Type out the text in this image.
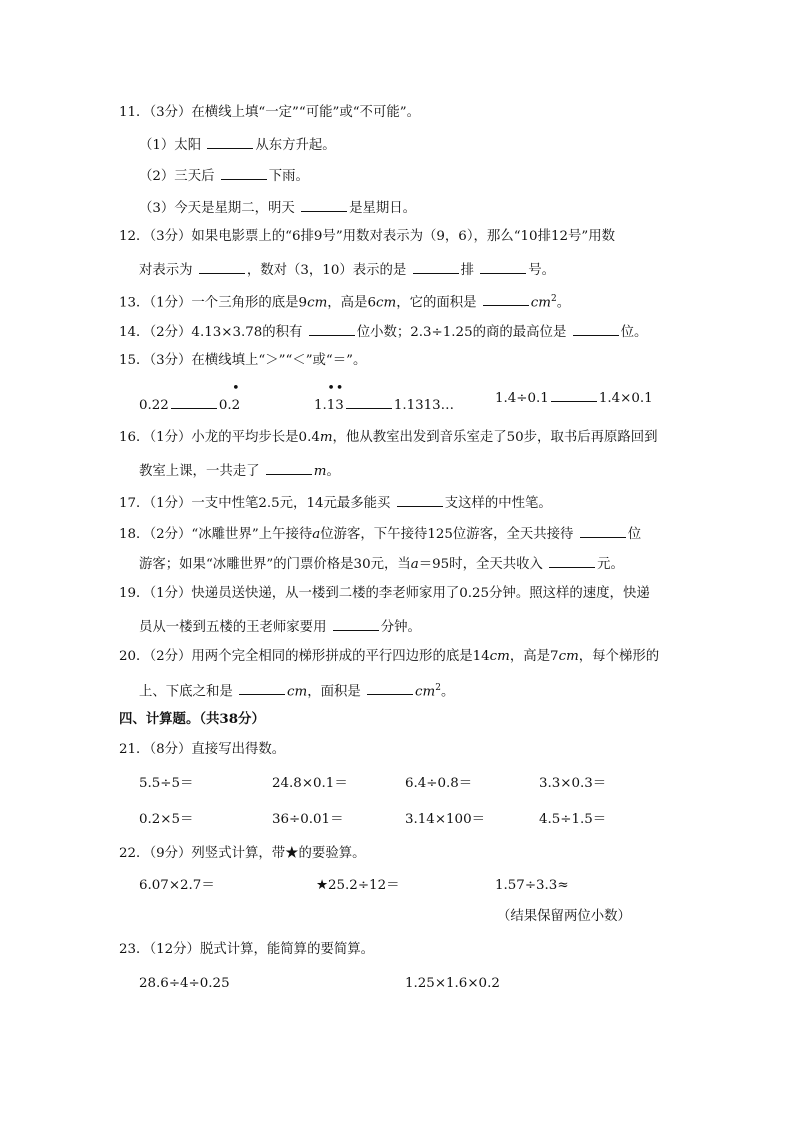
11．（3分）在横线上填“一定”“可能”或“不可能”。
（1）太阳	从东方升起。
（2）三天后	下雨。
（3）今天是星期二，明天	是星期日。
12．（3分）如果电影票上的“6排9号”用数对表示为（9，6），那么“10排12号”用数
对表示为	，数对（3，10）表示的是	排	号。
13．（1分）一个三角形的底是9cm，高是6cm，它的面积是	$cm^2$。
14．（2分）4.13×3.78的积有	位小数；2.3÷1.25的商的最高位是	位。
15．（3分）在横线填上“＞”“＜”或“＝”。
0.22	0.
•
2	1.
• •
13	1.1313…	1.4÷0.1	1.4×0.1
16．（1分）小龙的平均步长是0.4m，他从教室出发到音乐室走了50步，取书后再原路回到
教室上课，一共走了	m。
17．（1分）一支中性笔2.5元，14元最多能买	支这样的中性笔。
18．（2分）“冰雕世界”上午接待a位游客，下午接待125位游客，全天共接待	位
游客；如果“冰雕世界”的门票价格是30元，当a＝95时，全天共收入	元。
19．（1分）快递员送快递，从一楼到二楼的李老师家用了0.25分钟。照这样的速度，快递
员从一楼到五楼的王老师家要用	分钟。
20．（2分）用两个完全相同的梯形拼成的平行四边形的底是14cm，高是7cm，每个梯形的
上、下底之和是	cm，面积是	$cm^2$。
四、计算题。（共38分）
21．（8分）直接写出得数。
5.5÷5＝	24.8×0.1＝	6.4÷0.8＝	3.3×0.3＝
0.2×5＝	36÷0.01＝	3.14×100＝	4.5÷1.5＝
22．（9分）列竖式计算，带★的要验算。
6.07×2.7＝	★25.2÷12＝	1.57÷3.3≈
（结果保留两位小数）
23．（12分）脱式计算，能简算的要简算。
28.6÷4÷0.25	1.25×1.6×0.2
